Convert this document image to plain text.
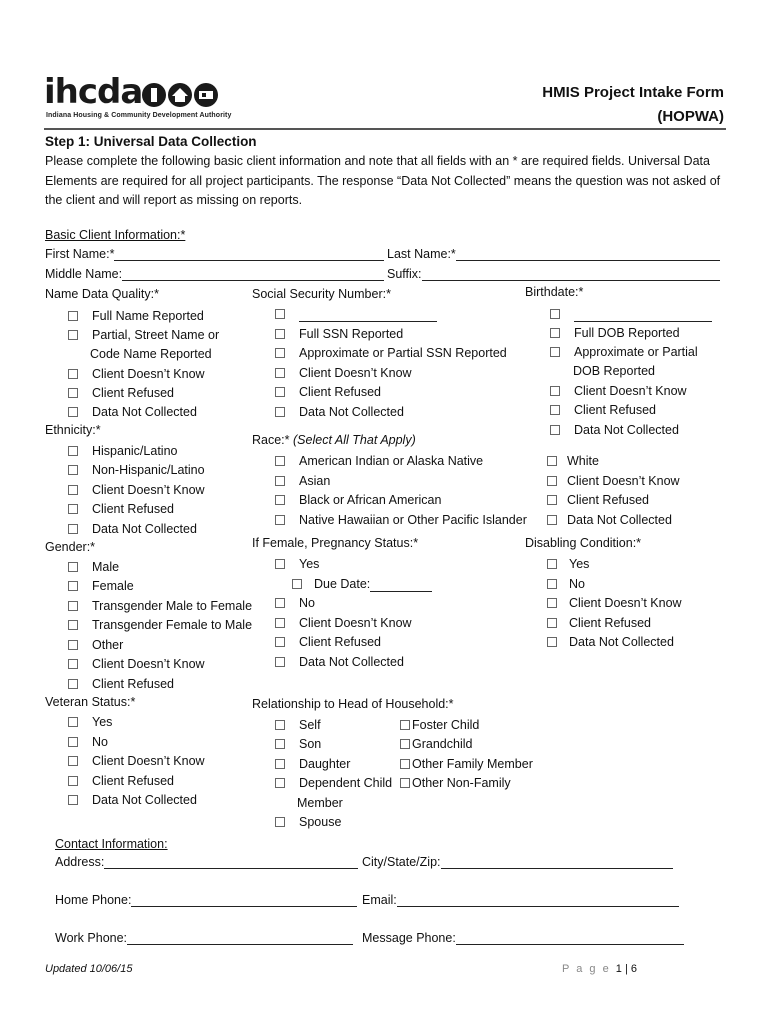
ihcda
Indiana Housing & Community Development Authority
HMIS Project Intake Form
(HOPWA)
Step 1: Universal Data Collection
Please complete the following basic client information and note that all fields with an * are required fields. Universal Data Elements are required for all project participants. The response “Data Not Collected” means the question was not asked of the client and will report as missing on reports.
Basic Client Information:*
First Name:*	Last Name:*
Middle Name:	Suffix:
Name Data Quality:*
Full Name Reported
Partial, Street Name or
Code Name Reported
Client Doesn’t Know
Client Refused
Data Not Collected
Social Security Number:*
Full SSN Reported
Approximate or Partial SSN Reported
Client Doesn’t Know
Client Refused
Data Not Collected
Birthdate:*
Full DOB Reported
Approximate or Partial
DOB Reported
Client Doesn’t Know
Client Refused
Data Not Collected
Ethnicity:*
Hispanic/Latino
Non-Hispanic/Latino
Client Doesn’t Know
Client Refused
Data Not Collected
Race:* (Select All That Apply)
American Indian or Alaska Native
Asian
Black or African American
Native Hawaiian or Other Pacific Islander
White
Client Doesn’t Know
Client Refused
Data Not Collected
Gender:*
Male
Female
Transgender Male to Female
Transgender Female to Male
Other
Client Doesn’t Know
Client Refused
If Female, Pregnancy Status:*
Yes
Due Date:
No
Client Doesn’t Know
Client Refused
Data Not Collected
Disabling Condition:*
Yes
No
Client Doesn’t Know
Client Refused
Data Not Collected
Veteran Status:*
Yes
No
Client Doesn’t Know
Client Refused
Data Not Collected
Relationship to Head of Household:*
Self
Son
Daughter
Dependent Child
Member
Spouse
Foster Child
Grandchild
Other Family Member
Other Non-Family
Contact Information:
Address:	City/State/Zip:
Home Phone:	Email:
Work Phone:	Message Phone:
Updated 10/06/15	P a g e 1 | 6
